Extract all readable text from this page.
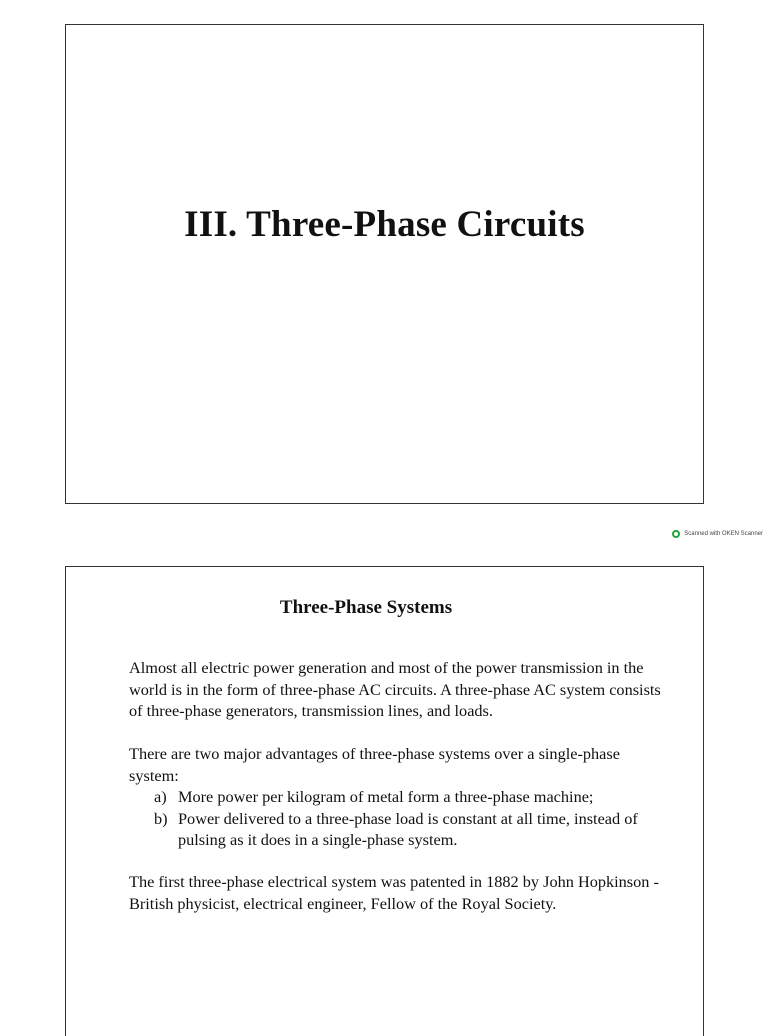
III. Three-Phase Circuits
Scanned with OKEN Scanner
Three-Phase Systems
Almost all electric power generation and most of the power transmission in the world is in the form of three-phase AC circuits. A three-phase AC system consists of three-phase generators, transmission lines, and loads.
There are two major advantages of three-phase systems over a single-phase system:
a) More power per kilogram of metal form a three-phase machine;
b) Power delivered to a three-phase load is constant at all time, instead of pulsing as it does in a single-phase system.
The first three-phase electrical system was patented in 1882 by John Hopkinson - British physicist, electrical engineer, Fellow of the Royal Society.
